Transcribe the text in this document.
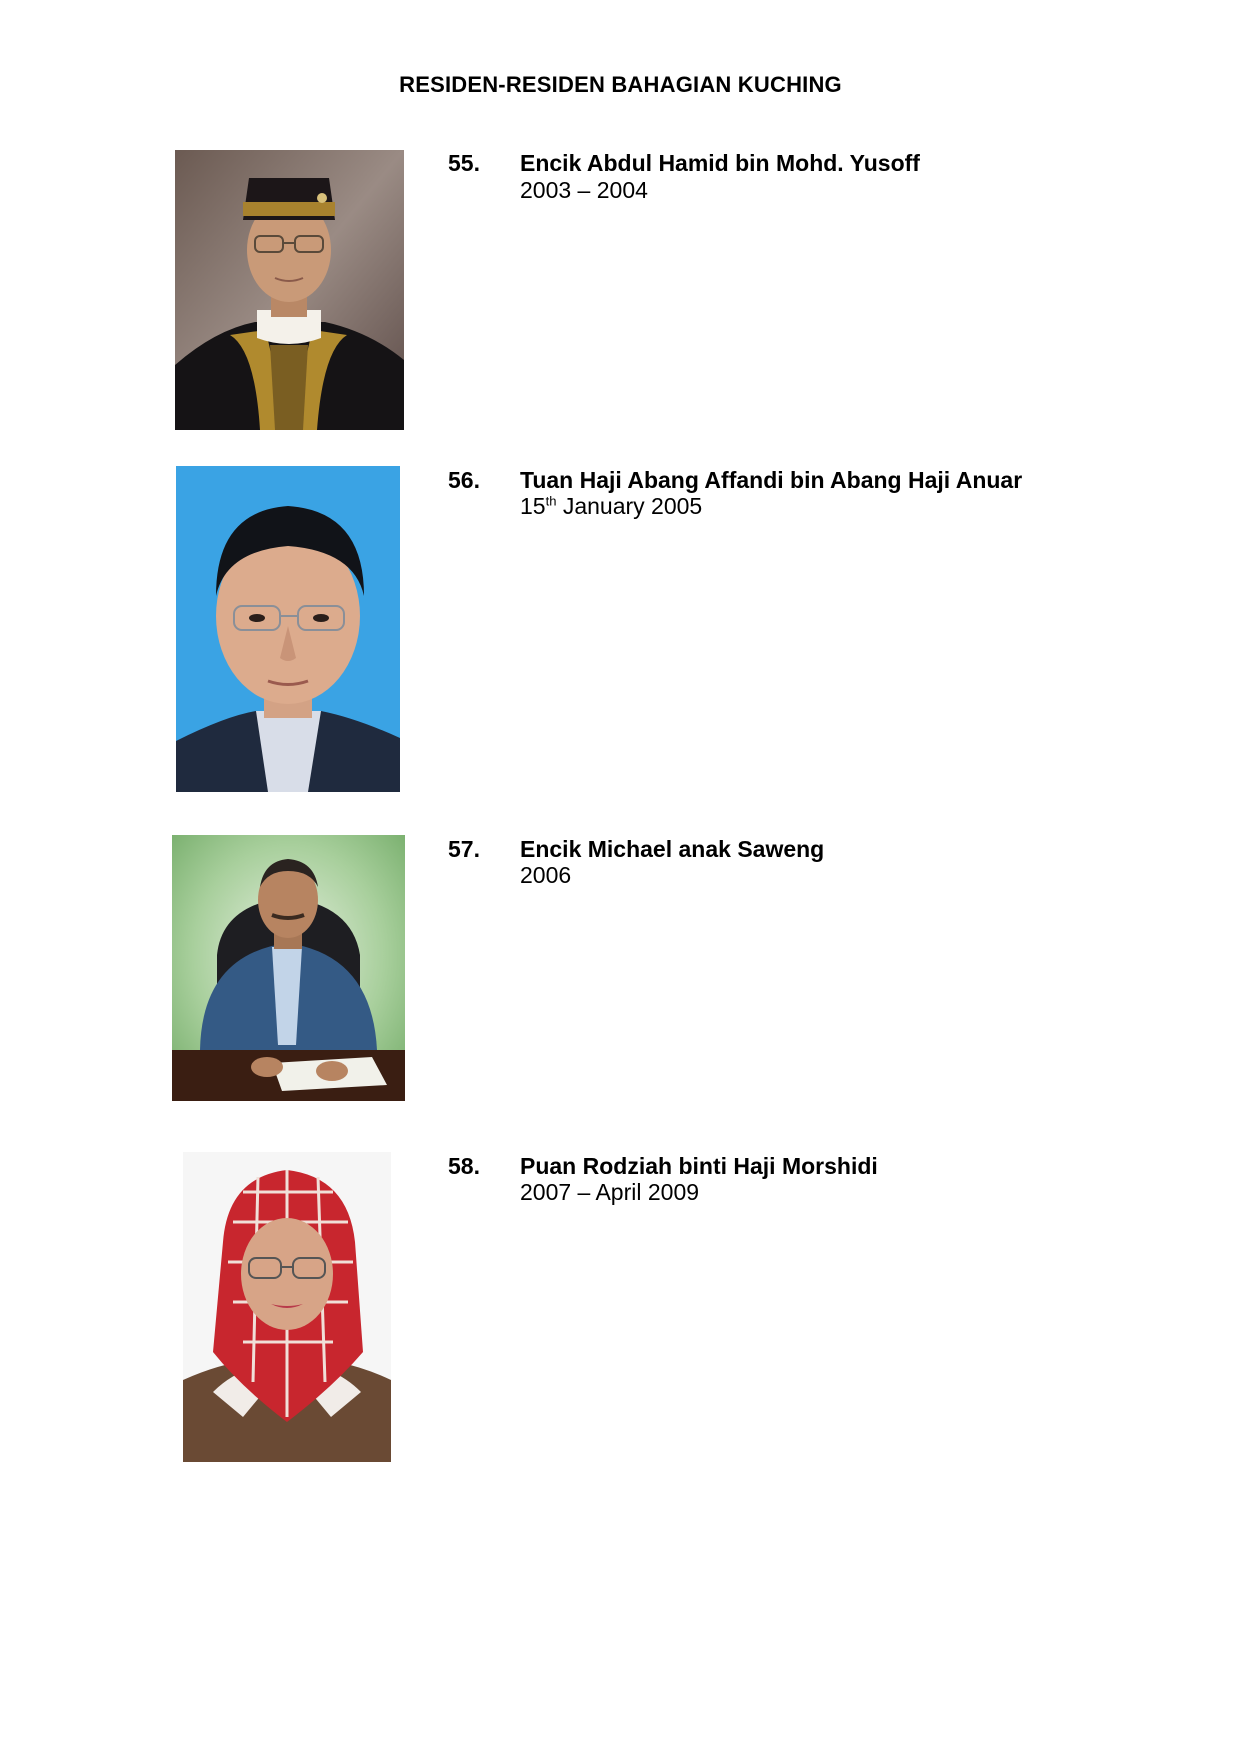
RESIDEN-RESIDEN BAHAGIAN KUCHING
55. Encik Abdul Hamid bin Mohd. Yusoff
2003 – 2004
56. Tuan Haji Abang Affandi bin Abang Haji Anuar
15th January 2005
57. Encik Michael anak Saweng
2006
58. Puan Rodziah binti Haji Morshidi
2007 – April 2009
